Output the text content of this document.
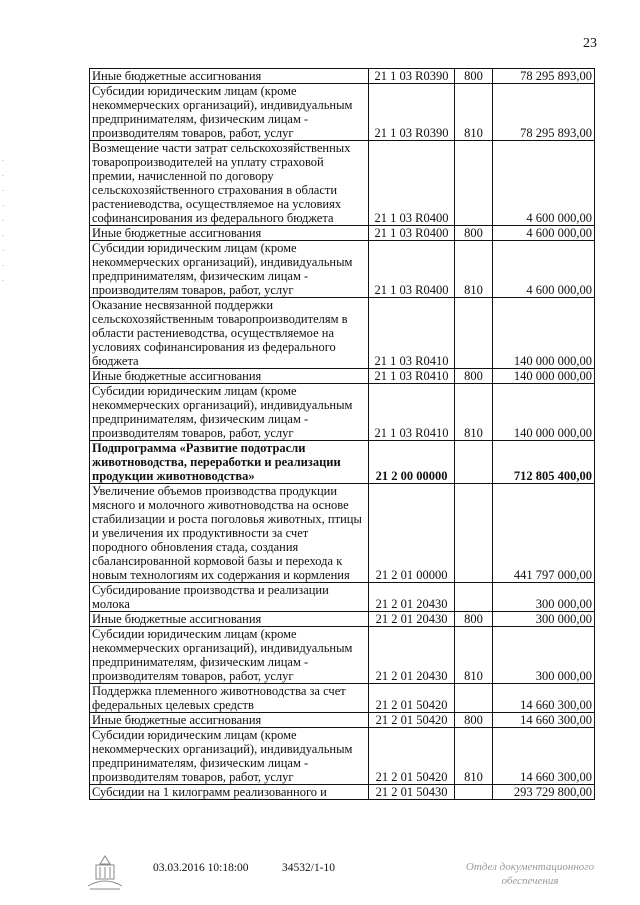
23
Иные бюджетные ассигнования	21 1 03 R0390	800	78 295 893,00
Субсидии юридическим лицам (кроме некоммерческих организаций), индивидуальным предпринимателям, физическим лицам - производителям товаров, работ, услуг	21 1 03 R0390	810	78 295 893,00
Возмещение части затрат сельскохозяйственных товаропроизводителей на уплату страховой премии, начисленной по договору сельскохозяйственного страхования в области растениеводства, осуществляемое на условиях софинансирования из федерального бюджета	21 1 03 R0400		4 600 000,00
Иные бюджетные ассигнования	21 1 03 R0400	800	4 600 000,00
Субсидии юридическим лицам (кроме некоммерческих организаций), индивидуальным предпринимателям, физическим лицам - производителям товаров, работ, услуг	21 1 03 R0400	810	4 600 000,00
Оказание несвязанной поддержки сельскохозяйственным товаропроизводителям в области растениеводства, осуществляемое на условиях софинансирования из федерального бюджета	21 1 03 R0410		140 000 000,00
Иные бюджетные ассигнования	21 1 03 R0410	800	140 000 000,00
Субсидии юридическим лицам (кроме некоммерческих организаций), индивидуальным предпринимателям, физическим лицам - производителям товаров, работ, услуг	21 1 03 R0410	810	140 000 000,00
Подпрограмма «Развитие подотрасли животноводства, переработки и реализации продукции животноводства»	21 2 00 00000		712 805 400,00
Увеличение объемов производства продукции мясного и молочного животноводства на основе стабилизации и роста поголовья животных, птицы и увеличения их продуктивности за счет породного обновления стада, создания сбалансированной кормовой базы и перехода к новым технологиям их содержания и кормления	21 2 01 00000		441 797 000,00
Субсидирование производства и реализации молока	21 2 01 20430		300 000,00
Иные бюджетные ассигнования	21 2 01 20430	800	300 000,00
Субсидии юридическим лицам (кроме некоммерческих организаций), индивидуальным предпринимателям, физическим лицам - производителям товаров, работ, услуг	21 2 01 20430	810	300 000,00
Поддержка племенного животноводства за счет федеральных целевых средств	21 2 01 50420		14 660 300,00
Иные бюджетные ассигнования	21 2 01 50420	800	14 660 300,00
Субсидии юридическим лицам (кроме некоммерческих организаций), индивидуальным предпринимателям, физическим лицам - производителям товаров, работ, услуг	21 2 01 50420	810	14 660 300,00
Субсидии на 1 килограмм реализованного и	21 2 01 50430		293 729 800,00
03.03.2016 10:18:00	34532/1-10	Отдел документационного
обеспечения
